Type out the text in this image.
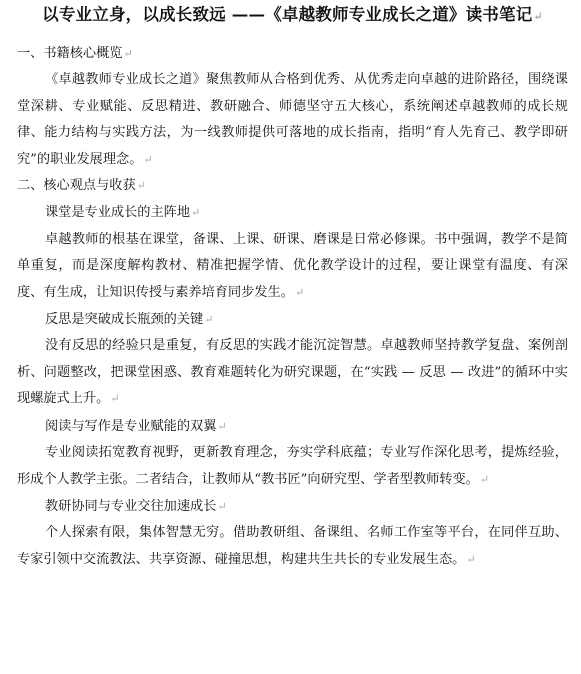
以专业立身，以成长致远 ——《卓越教师专业成长之道》读书笔记↵
一、书籍核心概览↵

《卓越教师专业成长之道》聚焦教师从合格到优秀、从优秀走向卓越的进阶路径，围绕课堂深耕、专业赋能、反思精进、教研融合、师德坚守五大核心，系统阐述卓越教师的成长规律、能力结构与实践方法，为一线教师提供可落地的成长指南，指明“育人先育己、教学即研究”的职业发展理念。↵

二、核心观点与收获↵
课堂是专业成长的主阵地↵

卓越教师的根基在课堂，备课、上课、研课、磨课是日常必修课。书中强调，教学不是简单重复，而是深度解构教材、精准把握学情、优化教学设计的过程，要让课堂有温度、有深度、有生成，让知识传授与素养培育同步发生。↵

反思是突破成长瓶颈的关键↵

没有反思的经验只是重复，有反思的实践才能沉淀智慧。卓越教师坚持教学复盘、案例剖析、问题整改，把课堂困惑、教育难题转化为研究课题，在“实践 — 反思 — 改进”的循环中实现螺旋式上升。↵

阅读与写作是专业赋能的双翼↵

专业阅读拓宽教育视野，更新教育理念，夯实学科底蕴；专业写作深化思考，提炼经验，形成个人教学主张。二者结合，让教师从“教书匠”向研究型、学者型教师转变。↵

教研协同与专业交往加速成长↵

个人探索有限，集体智慧无穷。借助教研组、备课组、名师工作室等平台，在同伴互助、专家引领中交流教法、共享资源、碰撞思想，构建共生共长的专业发展生态。↵
